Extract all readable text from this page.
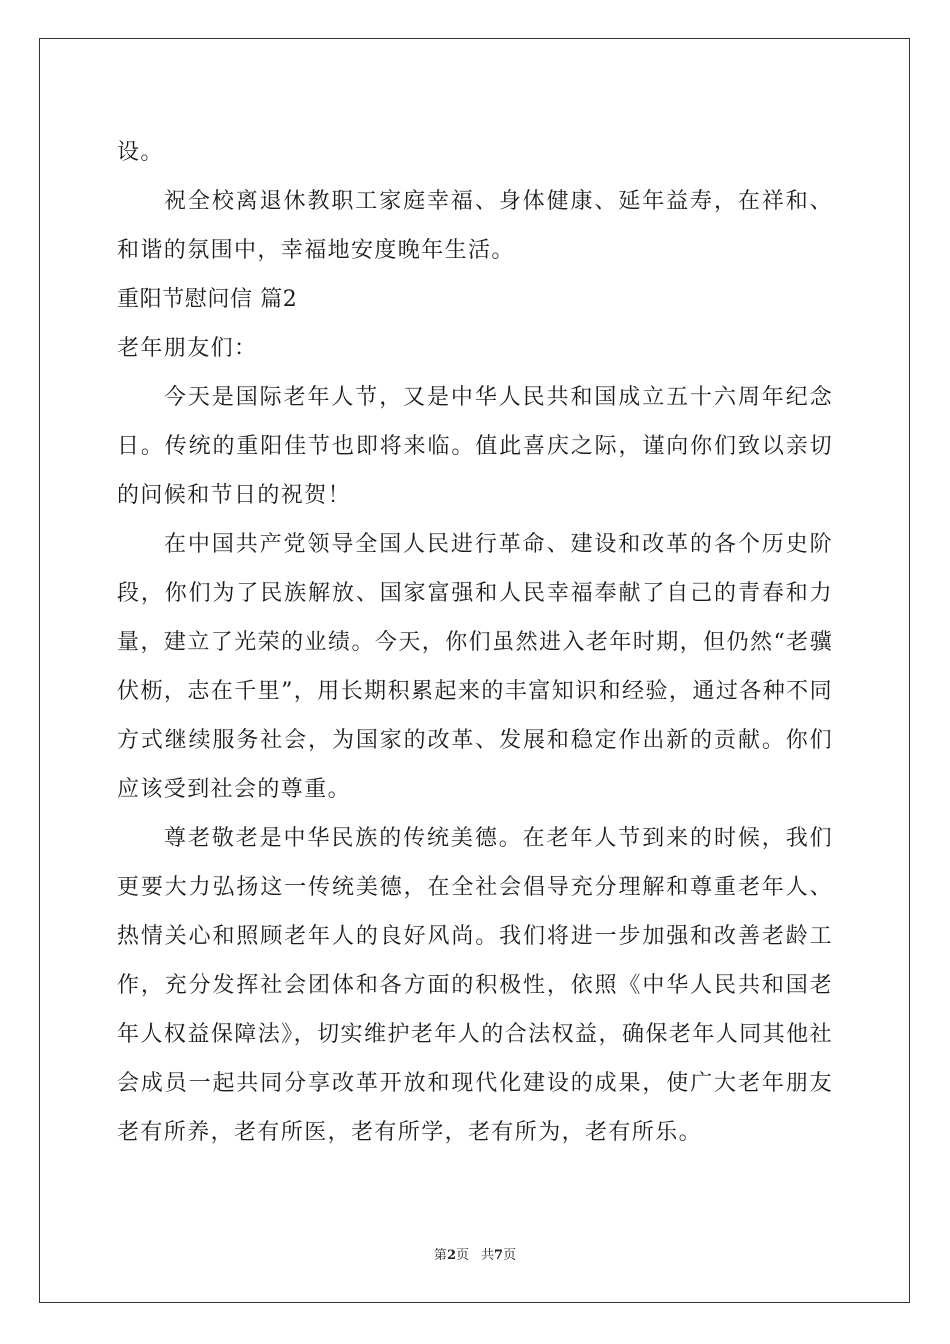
设。

祝全校离退休教职工家庭幸福、身体健康、延年益寿，在祥和、和谐的氛围中，幸福地安度晚年生活。

重阳节慰问信 篇2

老年朋友们：

今天是国际老年人节，又是中华人民共和国成立五十六周年纪念日。传统的重阳佳节也即将来临。值此喜庆之际，谨向你们致以亲切的问候和节日的祝贺！

在中国共产党领导全国人民进行革命、建设和改革的各个历史阶段，你们为了民族解放、国家富强和人民幸福奉献了自己的青春和力量，建立了光荣的业绩。今天，你们虽然进入老年时期，但仍然“老骥伏枥，志在千里”，用长期积累起来的丰富知识和经验，通过各种不同方式继续服务社会，为国家的改革、发展和稳定作出新的贡献。你们应该受到社会的尊重。

尊老敬老是中华民族的传统美德。在老年人节到来的时候，我们更要大力弘扬这一传统美德，在全社会倡导充分理解和尊重老年人、热情关心和照顾老年人的良好风尚。我们将进一步加强和改善老龄工作，充分发挥社会团体和各方面的积极性，依照《中华人民共和国老年人权益保障法》，切实维护老年人的合法权益，确保老年人同其他社会成员一起共同分享改革开放和现代化建设的成果，使广大老年朋友老有所养，老有所医，老有所学，老有所为，老有所乐。

第2页 共7页
